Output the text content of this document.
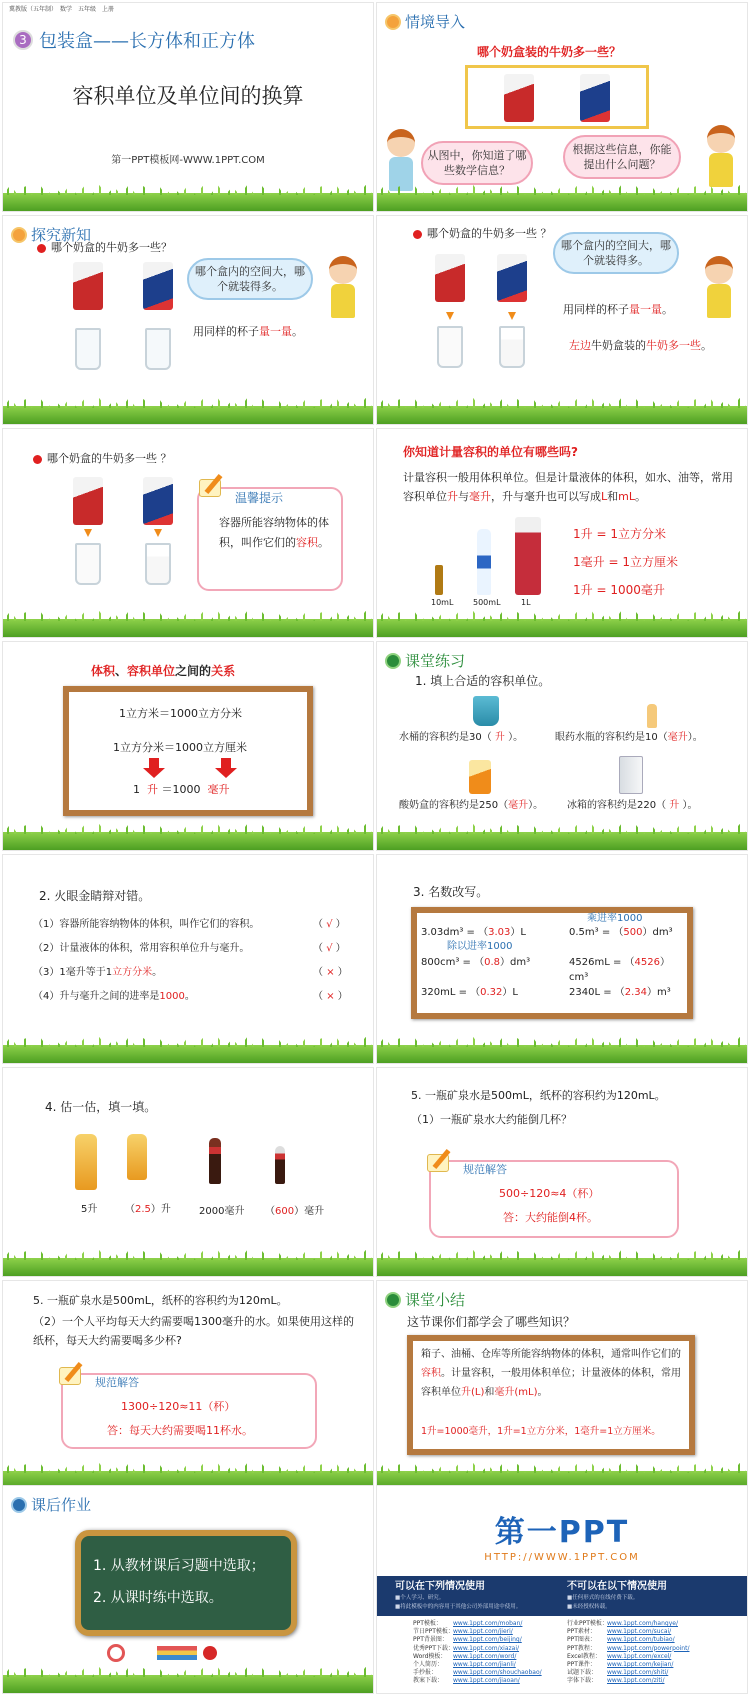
冀教版（五年制）　数学　五年级　上册
3 包装盒——长方体和正方体
容积单位及单位间的换算
第一PPT模板网-WWW.1PPT.COM
情境导入
哪个奶盒装的牛奶多一些？
从图中，你知道了哪些数学信息？
根据这些信息，你能提出什么问题？
探究新知
哪个奶盒的牛奶多一些？
哪个盒内的空间大，哪个就装得多。
用同样的杯子量一量。
哪个奶盒的牛奶多一些 ？
哪个盒内的空间大，哪个就装得多。
用同样的杯子量一量。
左边牛奶盒装的牛奶多一些。
哪个奶盒的牛奶多一些 ？
容器所能容纳物体的体积，叫作它们的容积。
温馨提示
你知道计量容积的单位有哪些吗?
计量容积一般用体积单位。但是计量液体的体积，如水、油等，常用容积单位升与毫升，升与毫升也可以写成L和mL。
10mL 500mL	1L
1升 = 1立方分米
1毫升 = 1立方厘米
1升 = 1000毫升
体积、容积单位之间的关系
1立方米＝1000立方分米
1立方分米＝1000立方厘米
1 升 ＝1000 毫升
课堂练习
1. 填上合适的容积单位。
水桶的容积约是30（ 升 ）。	眼药水瓶的容积约是10（毫升）。
酸奶盒的容积约是250（毫升）。 冰箱的容积约是220（ 升 ）。
2. 火眼金睛辩对错。
（1）容器所能容纳物体的体积，叫作它们的容积。	（ √ ）
（2）计量液体的体积，常用容积单位升与毫升。	（ √ ）
（3）1毫升等于1立方分米。	（ × ）
（4）升与毫升之间的进率是1000。	（ × ）
3. 名数改写。
乘进率1000
3.03dm³ = （3.03）L	0.5m³ = （500）dm³
除以进率1000
800cm³ = （0.8）dm³	4526mL = （4526）cm³
320mL = （0.32）L	2340L = （2.34）m³
4. 估一估，填一填。
5升	（2.5）升	2000毫升 （600）毫升
5. 一瓶矿泉水是500mL，纸杯的容积约为120mL。
（1）一瓶矿泉水大约能倒几杯？
规范解答
500÷120≈4（杯）
答：大约能倒4杯。
5. 一瓶矿泉水是500mL，纸杯的容积约为120mL。
（2）一个人平均每天大约需要喝1300毫升的水。如果使用这样的纸杯，每天大约需要喝多少杯?
规范解答
1300÷120≈11（杯）
答：每天大约需要喝11杯水。
课堂小结
这节课你们都学会了哪些知识？
箱子、油桶、仓库等所能容纳物体的体积，通常叫作它们的容积。计量容积，一般用体积单位；计量液体的体积，常用容积单位升(L)和毫升(mL)。
1升=1000毫升，1升=1立方分米，1毫升=1立方厘米。
课后作业
1. 从教材课后习题中选取；
2. 从课时练中选取。
第一PPT
HTTP://WWW.1PPT.COM
可以在下列情况使用
■个人学习、研究。
■将此模板中的内容用于其他公司外部用途中使用。
不可以在以下情况使用
■任何形式的在线付费下载。
■未经授权转载。
PPT模板： www.1ppt.com/moban/
节日PPT模板：www.1ppt.com/jieri/
PPT背景图： www.1ppt.com/beijing/
优秀PPT下载：www.1ppt.com/xiazai/
Word模板： www.1ppt.com/word/
个人简历： www.1ppt.com/jianli/
手抄报：	www.1ppt.com/shouchaobao/
教案下载： www.1ppt.com/jiaoan/
行业PPT模板：www.1ppt.com/hangye/
PPT素材： www.1ppt.com/sucai/
PPT图表： www.1ppt.com/tubiao/
PPT教程： www.1ppt.com/powerpoint/
Excel教程： www.1ppt.com/excel/
PPT课件： www.1ppt.com/kejian/
试题下载： www.1ppt.com/shiti/
字体下载： www.1ppt.com/ziti/
